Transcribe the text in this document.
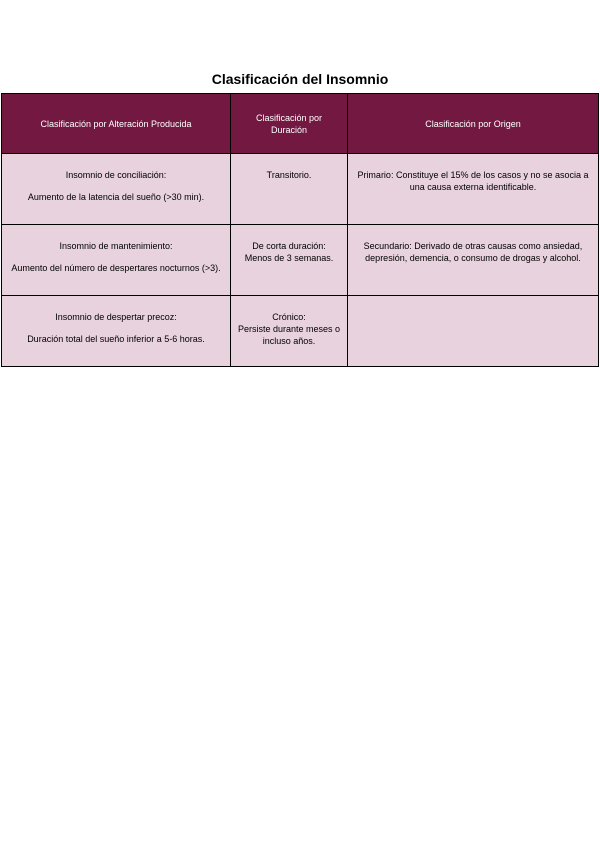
Clasificación del Insomnio
Clasificación por Alteración Producida	Clasificación por Duración	Clasificación por Origen

Insomnio de conciliación:
Aumento de la latencia del sueño (>30 min).	Transitorio.	Primario: Constituye el 15% de los casos y no se asocia a una causa externa identificable.

Insomnio de mantenimiento:
Aumento del número de despertares nocturnos (>3).	De corta duración:
Menos de 3 semanas.	Secundario: Derivado de otras causas como ansiedad, depresión, demencia, o consumo de drogas y alcohol.

Insomnio de despertar precoz:
Duración total del sueño inferior a 5-6 horas.	Crónico:
Persiste durante meses o incluso años.	
